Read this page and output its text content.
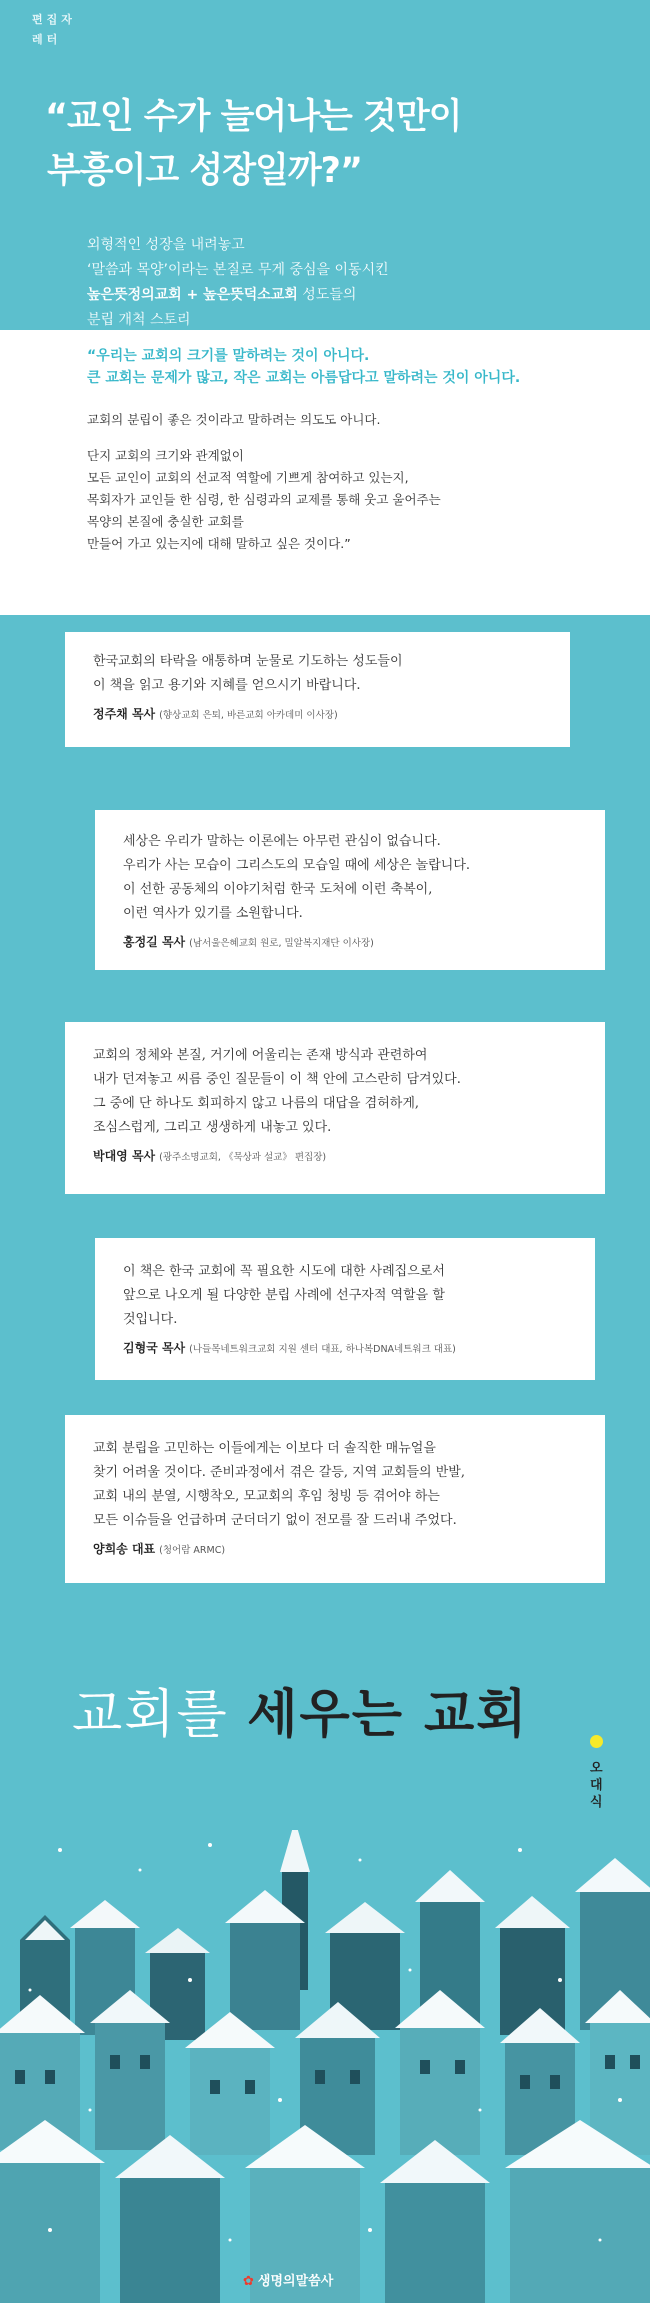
편집자 레터
“교인 수가 늘어나는 것만이
부흥이고 성장일까?”
외형적인 성장을 내려놓고
‘말씀과 목양’이라는 본질로 무게 중심을 이동시킨
높은뜻정의교회 + 높은뜻덕소교회 성도들의
분립 개척 스토리
“우리는 교회의 크기를 말하려는 것이 아니다.
큰 교회는 문제가 많고, 작은 교회는 아름답다고 말하려는 것이 아니다.

교회의 분립이 좋은 것이라고 말하려는 의도도 아니다.

단지 교회의 크기와 관계없이
모든 교인이 교회의 선교적 역할에 기쁘게 참여하고 있는지,
목회자가 교인들 한 심령, 한 심령과의 교제를 통해 웃고 울어주는
목양의 본질에 충실한 교회를
만들어 가고 있는지에 대해 말하고 싶은 것이다.”

한국교회의 타락을 애통하며 눈물로 기도하는 성도들이
이 책을 읽고 용기와 지혜를 얻으시기 바랍니다.
정주채 목사 (향상교회 은퇴, 바른교회 아카데미 이사장)
세상은 우리가 말하는 이론에는 아무런 관심이 없습니다.
우리가 사는 모습이 그리스도의 모습일 때에 세상은 놀랍니다.
이 선한 공동체의 이야기처럼 한국 도처에 이런 축복이,
이런 역사가 있기를 소원합니다.
홍정길 목사 (남서울은혜교회 원로, 밀알복지재단 이사장)
교회의 정체와 본질, 거기에 어울리는 존재 방식과 관련하여
내가 던져놓고 씨름 중인 질문들이 이 책 안에 고스란히 담겨있다.
그 중에 단 하나도 회피하지 않고 나름의 대답을 겸허하게,
조심스럽게, 그리고 생생하게 내놓고 있다.
박대영 목사 (광주소명교회, 《묵상과 설교》 편집장)
이 책은 한국 교회에 꼭 필요한 시도에 대한 사례집으로서
앞으로 나오게 될 다양한 분립 사례에 선구자적 역할을 할
것입니다.
김형국 목사 (나들목네트워크교회 지원 센터 대표, 하나복DNA네트워크 대표)
교회 분립을 고민하는 이들에게는 이보다 더 솔직한 매뉴얼을
찾기 어려울 것이다. 준비과정에서 겪은 갈등, 지역 교회들의 반발,
교회 내의 분열, 시행착오, 모교회의 후임 청빙 등 겪어야 하는
모든 이슈들을 언급하며 군더더기 없이 전모를 잘 드러내 주었다.
양희송 대표 (청어람 ARMC)
교회를 세우는 교회
오대식
✿ 생명의말씀사
